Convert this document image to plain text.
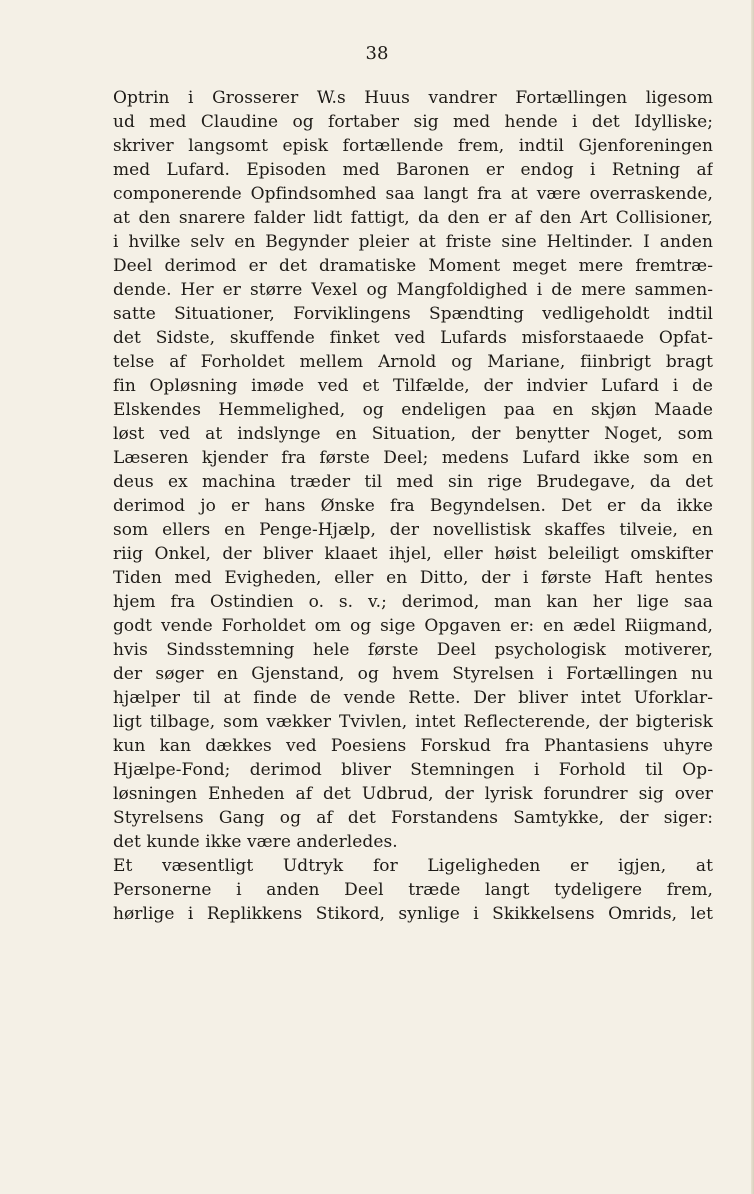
38
Optrin i Grosserer W.s Huus vandrer Fortællingen ligesom
ud med Claudine og fortaber sig med hende i det Idylliske;
skriver langsomt episk fortællende frem, indtil Gjenforeningen
med Lufard. Episoden med Baronen er endog i Retning af
componerende Opfindsomhed saa langt fra at være overraskende,
at den snarere falder lidt fattigt, da den er af den Art Collisioner,
i hvilke selv en Begynder pleier at friste sine Heltinder. I anden
Deel derimod er det dramatiske Moment meget mere fremtræ-
dende. Her er større Vexel og Mangfoldighed i de mere sammen-
satte Situationer, Forviklingens Spændting vedligeholdt indtil
det Sidste, skuffende finket ved Lufards misforstaaede Opfat-
telse af Forholdet mellem Arnold og Mariane, fiinbrigt bragt
fin Opløsning imøde ved et Tilfælde, der indvier Lufard i de
Elskendes Hemmelighed, og endeligen paa en skjøn Maade
løst ved at indslynge en Situation, der benytter Noget, som
Læseren kjender fra første Deel; medens Lufard ikke som en
deus ex machina træder til med sin rige Brudegave, da det
derimod jo er hans Ønske fra Begyndelsen. Det er da ikke
som ellers en Penge-Hjælp, der novellistisk skaffes tilveie, en
riig Onkel, der bliver klaaet ihjel, eller høist beleiligt omskifter
Tiden med Evigheden, eller en Ditto, der i første Haft hentes
hjem fra Ostindien o. s. v.; derimod, man kan her lige saa
godt vende Forholdet om og sige Opgaven er: en ædel Riigmand,
hvis Sindsstemning hele første Deel psychologisk motiverer,
der søger en Gjenstand, og hvem Styrelsen i Fortællingen nu
hjælper til at finde de vende Rette. Der bliver intet Uforklar-
ligt tilbage, som vækker Tvivlen, intet Reflecterende, der bigterisk
kun kan dækkes ved Poesiens Forskud fra Phantasiens uhyre
Hjælpe-Fond; derimod bliver Stemningen i Forhold til Op-
løsningen Enheden af det Udbrud, der lyrisk forundrer sig over
Styrelsens Gang og af det Forstandens Samtykke, der siger:
det kunde ikke være anderledes.
Et væsentligt Udtryk for Ligeligheden er igjen, at
Personerne i anden Deel træde langt tydeligere frem,
hørlige i Replikkens Stikord, synlige i Skikkelsens Omrids, let
